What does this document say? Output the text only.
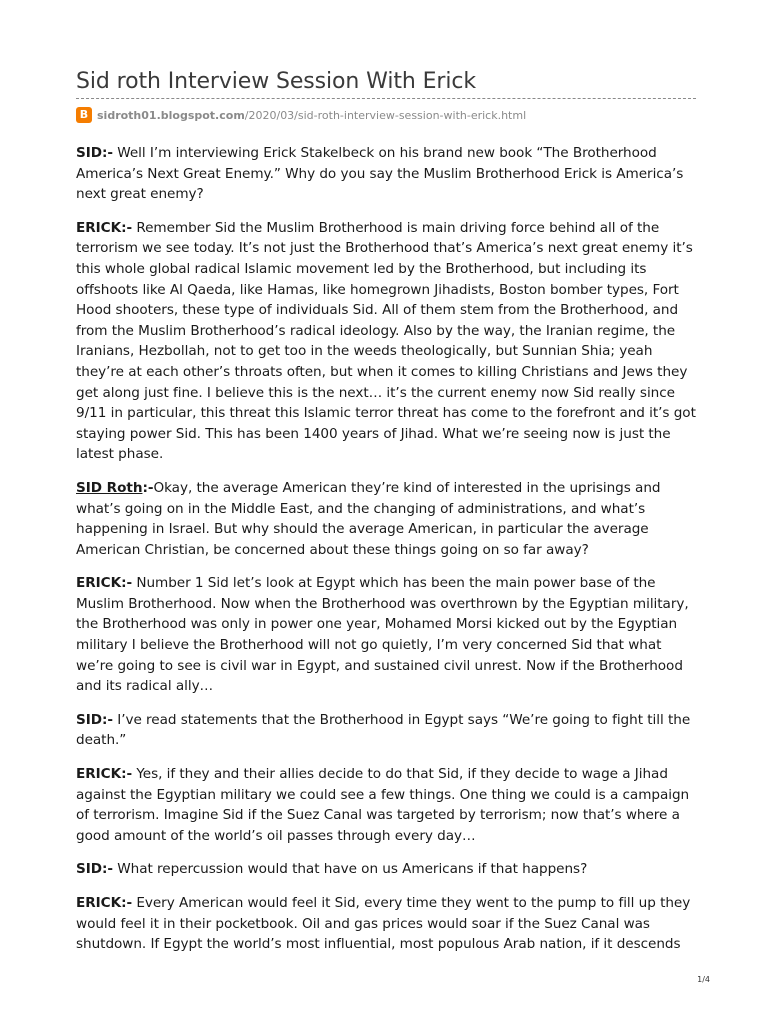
Sid roth Interview Session With Erick
B sidroth01.blogspot.com/2020/03/sid-roth-interview-session-with-erick.html

SID:- Well I’m interviewing Erick Stakelbeck on his brand new book “The Brotherhood America’s Next Great Enemy.” Why do you say the Muslim Brotherhood Erick is America’s next great enemy?

ERICK:- Remember Sid the Muslim Brotherhood is main driving force behind all of the terrorism we see today. It’s not just the Brotherhood that’s America’s next great enemy it’s this whole global radical Islamic movement led by the Brotherhood, but including its offshoots like Al Qaeda, like Hamas, like homegrown Jihadists, Boston bomber types, Fort Hood shooters, these type of individuals Sid. All of them stem from the Brotherhood, and from the Muslim Brotherhood’s radical ideology. Also by the way, the Iranian regime, the Iranians, Hezbollah, not to get too in the weeds theologically, but Sunnian Shia; yeah they’re at each other’s throats often, but when it comes to killing Christians and Jews they get along just fine. I believe this is the next… it’s the current enemy now Sid really since 9/11 in particular, this threat this Islamic terror threat has come to the forefront and it’s got staying power Sid. This has been 1400 years of Jihad. What we’re seeing now is just the latest phase.

SID Roth:-Okay, the average American they’re kind of interested in the uprisings and what’s going on in the Middle East, and the changing of administrations, and what’s happening in Israel. But why should the average American, in particular the average American Christian, be concerned about these things going on so far away?

ERICK:- Number 1 Sid let’s look at Egypt which has been the main power base of the Muslim Brotherhood. Now when the Brotherhood was overthrown by the Egyptian military, the Brotherhood was only in power one year, Mohamed Morsi kicked out by the Egyptian military I believe the Brotherhood will not go quietly, I’m very concerned Sid that what we’re going to see is civil war in Egypt, and sustained civil unrest. Now if the Brotherhood and its radical ally…

SID:- I’ve read statements that the Brotherhood in Egypt says “We’re going to fight till the death.”

ERICK:- Yes, if they and their allies decide to do that Sid, if they decide to wage a Jihad against the Egyptian military we could see a few things. One thing we could is a campaign of terrorism. Imagine Sid if the Suez Canal was targeted by terrorism; now that’s where a good amount of the world’s oil passes through every day…

SID:- What repercussion would that have on us Americans if that happens?

ERICK:- Every American would feel it Sid, every time they went to the pump to fill up they would feel it in their pocketbook. Oil and gas prices would soar if the Suez Canal was shutdown. If Egypt the world’s most influential, most populous Arab nation, if it descends

1/4
